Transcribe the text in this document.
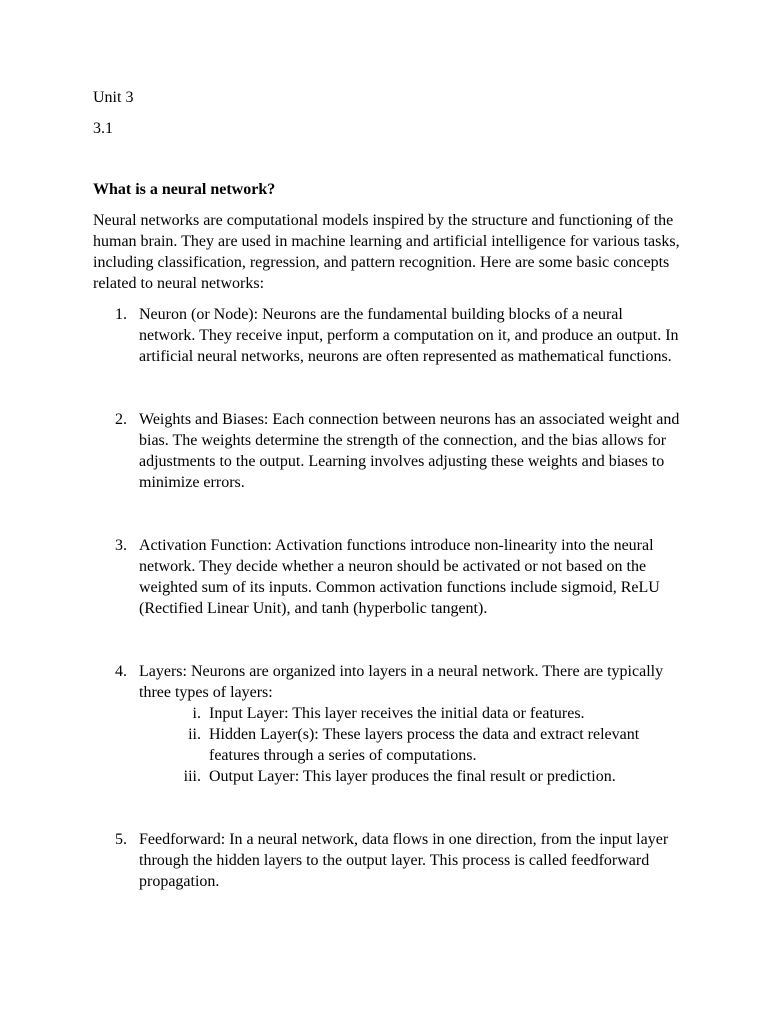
Unit 3

3.1

What is a neural network?

Neural networks are computational models inspired by the structure and functioning of the human brain. They are used in machine learning and artificial intelligence for various tasks, including classification, regression, and pattern recognition. Here are some basic concepts related to neural networks:

1. Neuron (or Node): Neurons are the fundamental building blocks of a neural network. They receive input, perform a computation on it, and produce an output. In artificial neural networks, neurons are often represented as mathematical functions.
2. Weights and Biases: Each connection between neurons has an associated weight and bias. The weights determine the strength of the connection, and the bias allows for adjustments to the output. Learning involves adjusting these weights and biases to minimize errors.
3. Activation Function: Activation functions introduce non-linearity into the neural network. They decide whether a neuron should be activated or not based on the weighted sum of its inputs. Common activation functions include sigmoid, ReLU (Rectified Linear Unit), and tanh (hyperbolic tangent).
4. Layers: Neurons are organized into layers in a neural network. There are typically three types of layers:
i. Input Layer: This layer receives the initial data or features.
ii. Hidden Layer(s): These layers process the data and extract relevant features through a series of computations.
iii. Output Layer: This layer produces the final result or prediction.
5. Feedforward: In a neural network, data flows in one direction, from the input layer through the hidden layers to the output layer. This process is called feedforward propagation.
